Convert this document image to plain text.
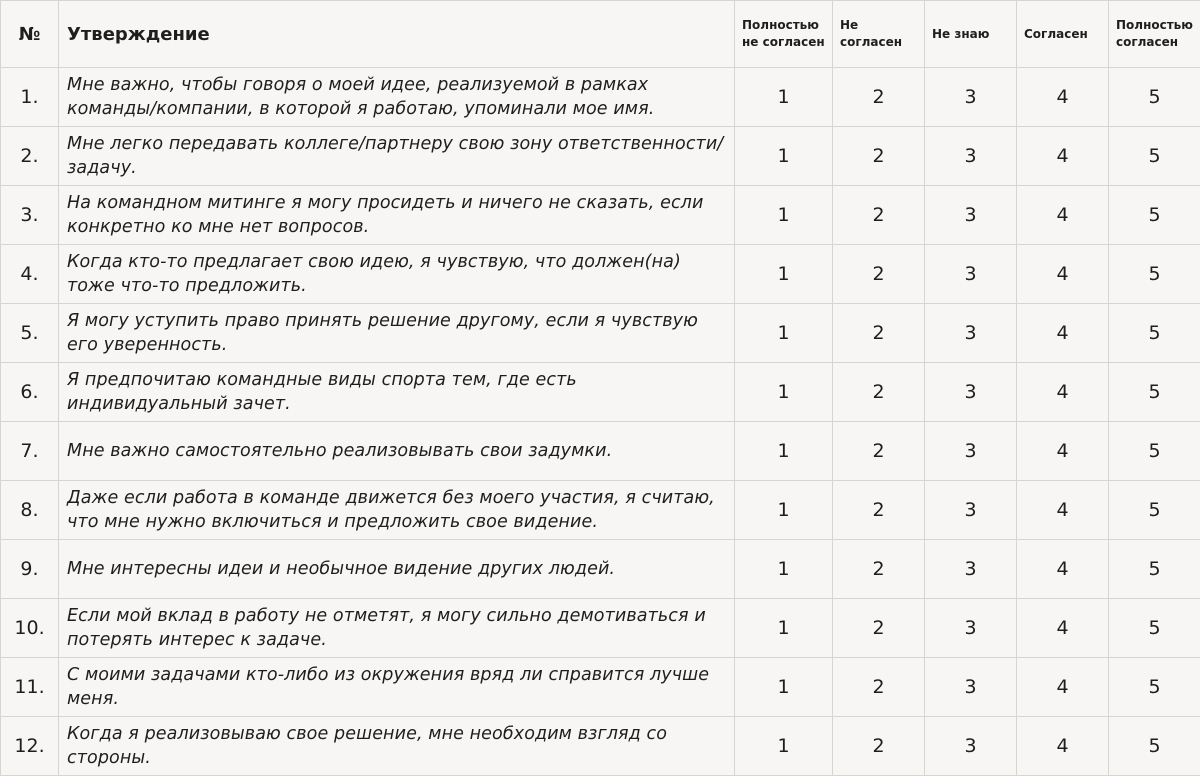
№	Утверждение	Полностью не согласен	Не согласен	Не знаю	Согласен	Полностью согласен
1.	Мне важно, чтобы говоря о моей идее, реализуемой в рамках команды/компании, в которой я работаю, упоминали мое имя.	1	2	3	4	5
2.	Мне легко передавать коллеге/партнеру свою зону ответственности/задачу.	1	2	3	4	5
3.	На командном митинге я могу просидеть и ничего не сказать, если конкретно ко мне нет вопросов.	1	2	3	4	5
4.	Когда кто-то предлагает свою идею, я чувствую, что должен(на) тоже что-то предложить.	1	2	3	4	5
5.	Я могу уступить право принять решение другому, если я чувствую его уверенность.	1	2	3	4	5
6.	Я предпочитаю командные виды спорта тем, где есть индивидуальный зачет.	1	2	3	4	5
7.	Мне важно самостоятельно реализовывать свои задумки.	1	2	3	4	5
8.	Даже если работа в команде движется без моего участия, я считаю, что мне нужно включиться и предложить свое видение.	1	2	3	4	5
9.	Мне интересны идеи и необычное видение других людей.	1	2	3	4	5
10.	Если мой вклад в работу не отметят, я могу сильно демотиваться и потерять интерес к задаче.	1	2	3	4	5
11.	С моими задачами кто-либо из окружения вряд ли справится лучше меня.	1	2	3	4	5
12.	Когда я реализовываю свое решение, мне необходим взгляд со стороны.	1	2	3	4	5
